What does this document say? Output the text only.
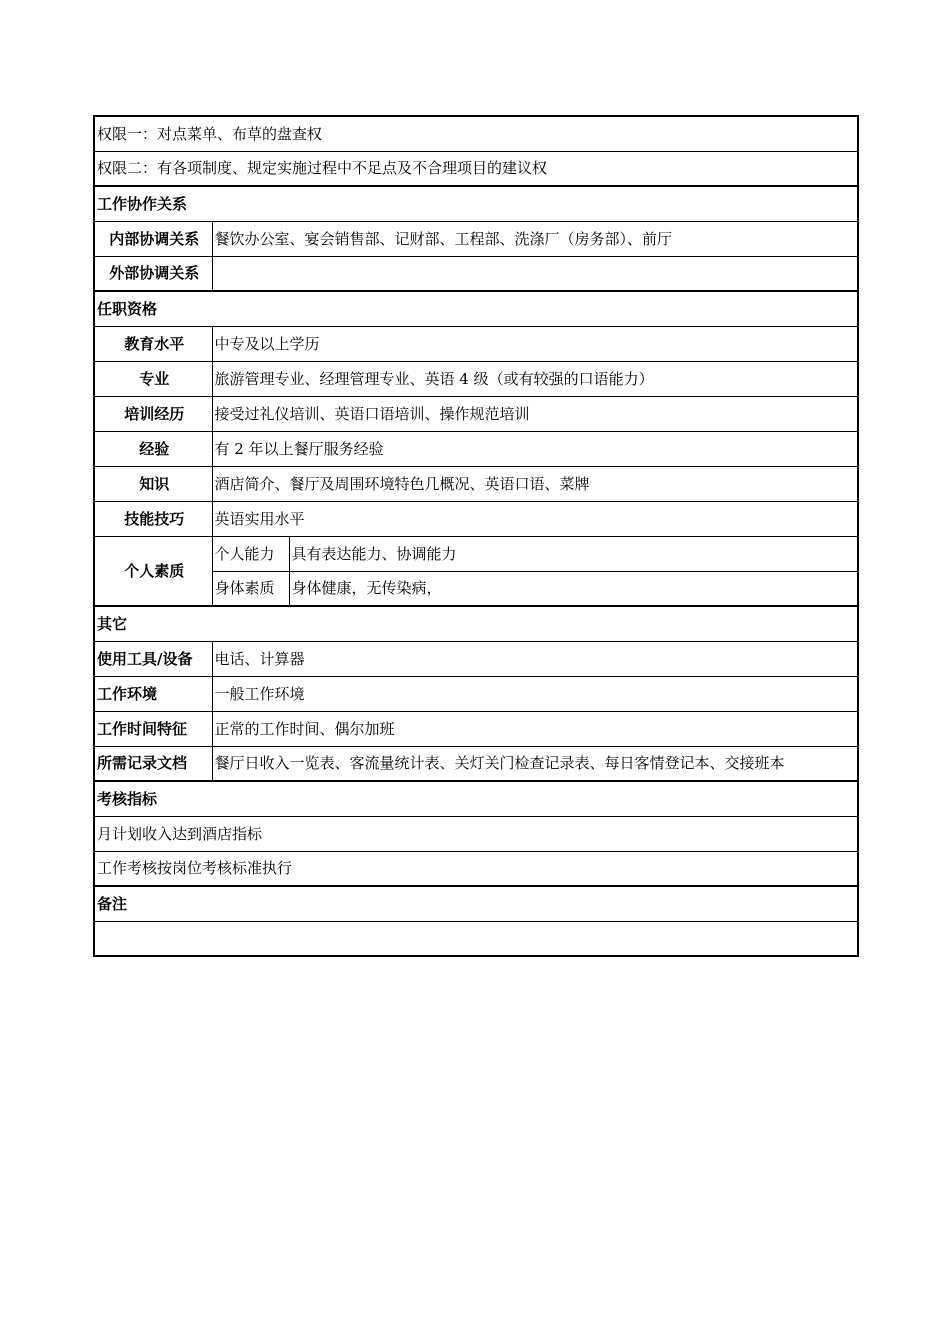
权限一：对点菜单、布草的盘查权		
权限二：有各项制度、规定实施过程中不足点及不合理项目的建议权		
工作协作关系		
内部协调关系	餐饮办公室、宴会销售部、记财部、工程部、洗涤厂（房务部）、前厅	
外部协调关系		
任职资格		
教育水平	中专及以上学历	
专业	旅游管理专业、经理管理专业、英语 4 级（或有较强的口语能力）	
培训经历	接受过礼仪培训、英语口语培训、操作规范培训	
经验	有 2 年以上餐厅服务经验	
知识	酒店简介、餐厅及周围环境特色几概况、英语口语、菜牌	
技能技巧	英语实用水平	
个人素质	个人能力	具有表达能力、协调能力
	身体素质	身体健康，无传染病，
其它		
使用工具/设备	电话、计算器	
工作环境	一般工作环境	
工作时间特征	正常的工作时间、偶尔加班	
所需记录文档	餐厅日收入一览表、客流量统计表、关灯关门检查记录表、每日客情登记本、交接班本	
考核指标		
月计划收入达到酒店指标		
工作考核按岗位考核标准执行		
备注		
